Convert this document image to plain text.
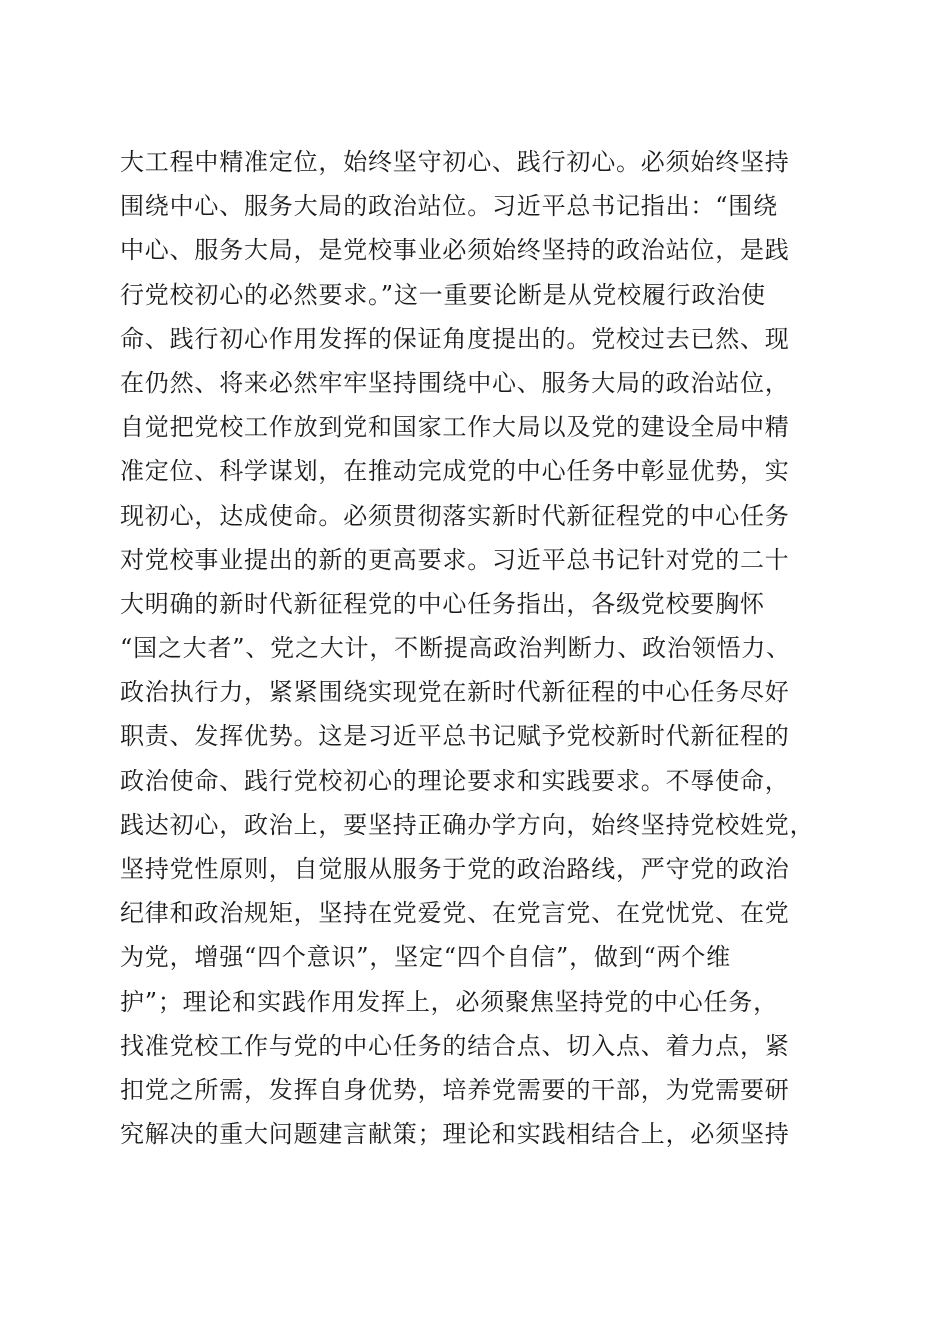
大工程中精准定位，始终坚守初心、践行初心。必须始终坚持
围绕中心、服务大局的政治站位。习近平总书记指出：“围绕
中心、服务大局，是党校事业必须始终坚持的政治站位，是践
行党校初心的必然要求。”这一重要论断是从党校履行政治使
命、践行初心作用发挥的保证角度提出的。党校过去已然、现
在仍然、将来必然牢牢坚持围绕中心、服务大局的政治站位，
自觉把党校工作放到党和国家工作大局以及党的建设全局中精
准定位、科学谋划，在推动完成党的中心任务中彰显优势，实
现初心，达成使命。必须贯彻落实新时代新征程党的中心任务
对党校事业提出的新的更高要求。习近平总书记针对党的二十
大明确的新时代新征程党的中心任务指出，各级党校要胸怀
“国之大者”、党之大计，不断提高政治判断力、政治领悟力、
政治执行力，紧紧围绕实现党在新时代新征程的中心任务尽好
职责、发挥优势。这是习近平总书记赋予党校新时代新征程的
政治使命、践行党校初心的理论要求和实践要求。不辱使命，
践达初心，政治上，要坚持正确办学方向，始终坚持党校姓党，
坚持党性原则，自觉服从服务于党的政治路线，严守党的政治
纪律和政治规矩，坚持在党爱党、在党言党、在党忧党、在党
为党，增强“四个意识”，坚定“四个自信”，做到“两个维
护”；理论和实践作用发挥上，必须聚焦坚持党的中心任务，
找准党校工作与党的中心任务的结合点、切入点、着力点，紧
扣党之所需，发挥自身优势，培养党需要的干部，为党需要研
究解决的重大问题建言献策；理论和实践相结合上，必须坚持
